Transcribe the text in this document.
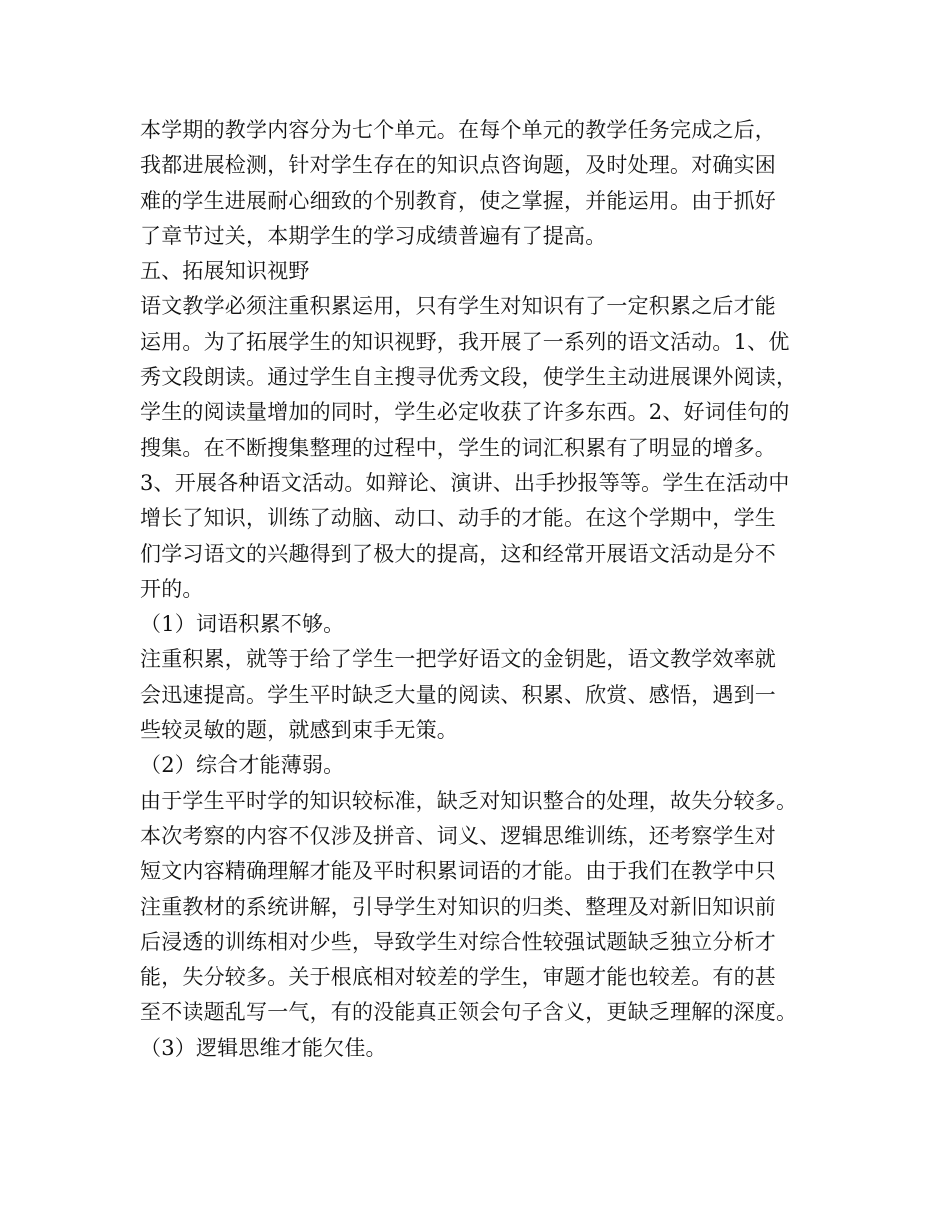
本学期的教学内容分为七个单元。在每个单元的教学任务完成之后，
我都进展检测，针对学生存在的知识点咨询题，及时处理。对确实困
难的学生进展耐心细致的个别教育，使之掌握，并能运用。由于抓好
了章节过关，本期学生的学习成绩普遍有了提高。
五、拓展知识视野
语文教学必须注重积累运用，只有学生对知识有了一定积累之后才能
运用。为了拓展学生的知识视野，我开展了一系列的语文活动。1、优
秀文段朗读。通过学生自主搜寻优秀文段，使学生主动进展课外阅读，
学生的阅读量增加的同时，学生必定收获了许多东西。2、好词佳句的
搜集。在不断搜集整理的过程中，学生的词汇积累有了明显的增多。
3、开展各种语文活动。如辩论、演讲、出手抄报等等。学生在活动中
增长了知识，训练了动脑、动口、动手的才能。在这个学期中，学生
们学习语文的兴趣得到了极大的提高，这和经常开展语文活动是分不
开的。
（1）词语积累不够。
注重积累，就等于给了学生一把学好语文的金钥匙，语文教学效率就
会迅速提高。学生平时缺乏大量的阅读、积累、欣赏、感悟，遇到一
些较灵敏的题，就感到束手无策。
（2）综合才能薄弱。
由于学生平时学的知识较标准，缺乏对知识整合的处理，故失分较多。
本次考察的内容不仅涉及拼音、词义、逻辑思维训练，还考察学生对
短文内容精确理解才能及平时积累词语的才能。由于我们在教学中只
注重教材的系统讲解，引导学生对知识的归类、整理及对新旧知识前
后浸透的训练相对少些，导致学生对综合性较强试题缺乏独立分析才
能，失分较多。关于根底相对较差的学生，审题才能也较差。有的甚
至不读题乱写一气，有的没能真正领会句子含义，更缺乏理解的深度。
（3）逻辑思维才能欠佳。
